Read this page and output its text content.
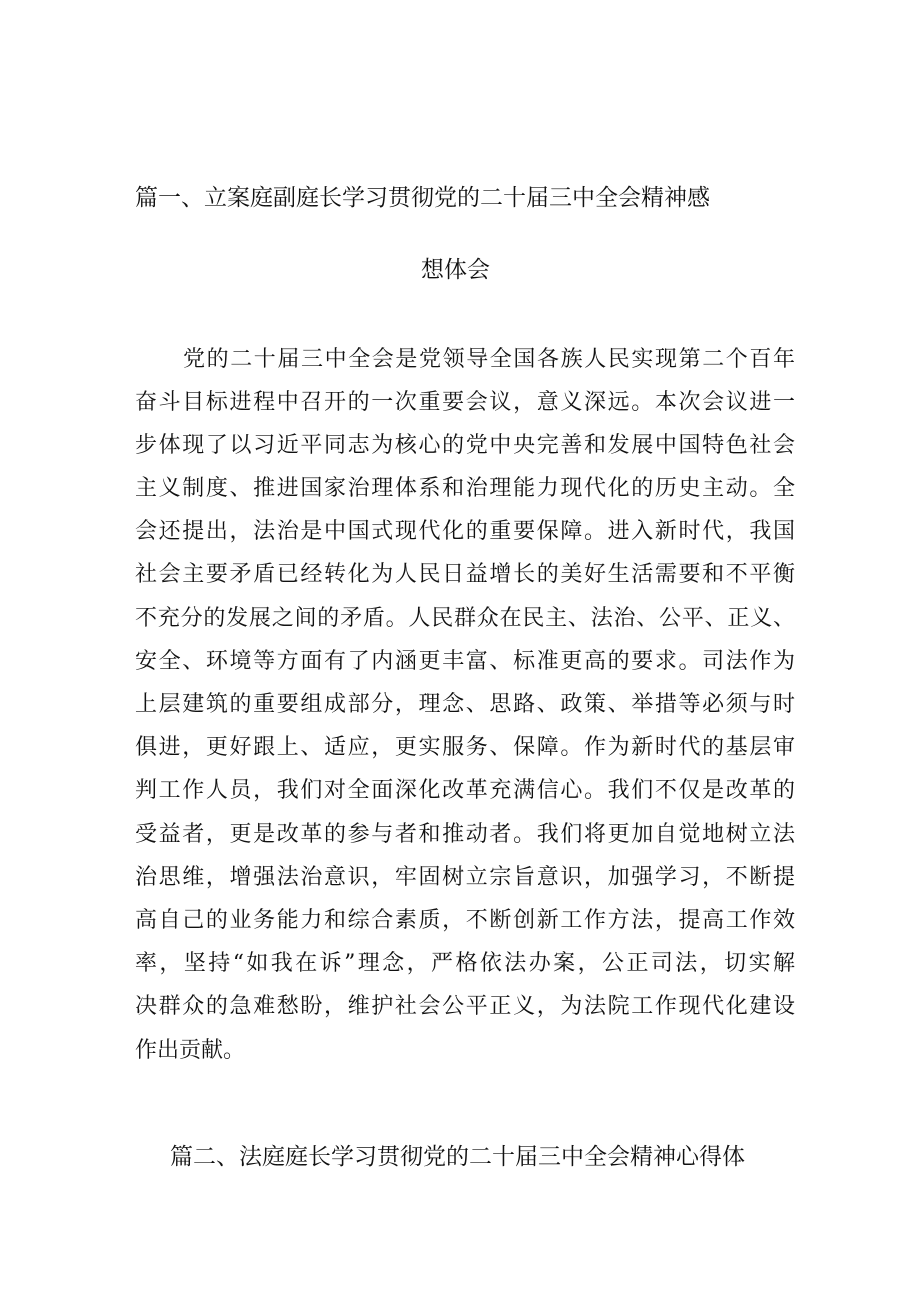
篇一、立案庭副庭长学习贯彻党的二十届三中全会精神感
想体会

党的二十届三中全会是党领导全国各族人民实现第二个百年

奋斗目标进程中召开的一次重要会议，意义深远。本次会议进一

步体现了以习近平同志为核心的党中央完善和发展中国特色社会

主义制度、推进国家治理体系和治理能力现代化的历史主动。全

会还提出，法治是中国式现代化的重要保障。进入新时代，我国

社会主要矛盾已经转化为人民日益增长的美好生活需要和不平衡

不充分的发展之间的矛盾。人民群众在民主、法治、公平、正义、

安全、环境等方面有了内涵更丰富、标准更高的要求。司法作为

上层建筑的重要组成部分，理念、思路、政策、举措等必须与时

俱进，更好跟上、适应，更实服务、保障。作为新时代的基层审

判工作人员，我们对全面深化改革充满信心。我们不仅是改革的

受益者，更是改革的参与者和推动者。我们将更加自觉地树立法

治思维，增强法治意识，牢固树立宗旨意识，加强学习，不断提

高自己的业务能力和综合素质，不断创新工作方法，提高工作效

率，坚持“如我在诉”理念，严格依法办案，公正司法，切实解

决群众的急难愁盼，维护社会公平正义，为法院工作现代化建设

作出贡献。

篇二、法庭庭长学习贯彻党的二十届三中全会精神心得体
